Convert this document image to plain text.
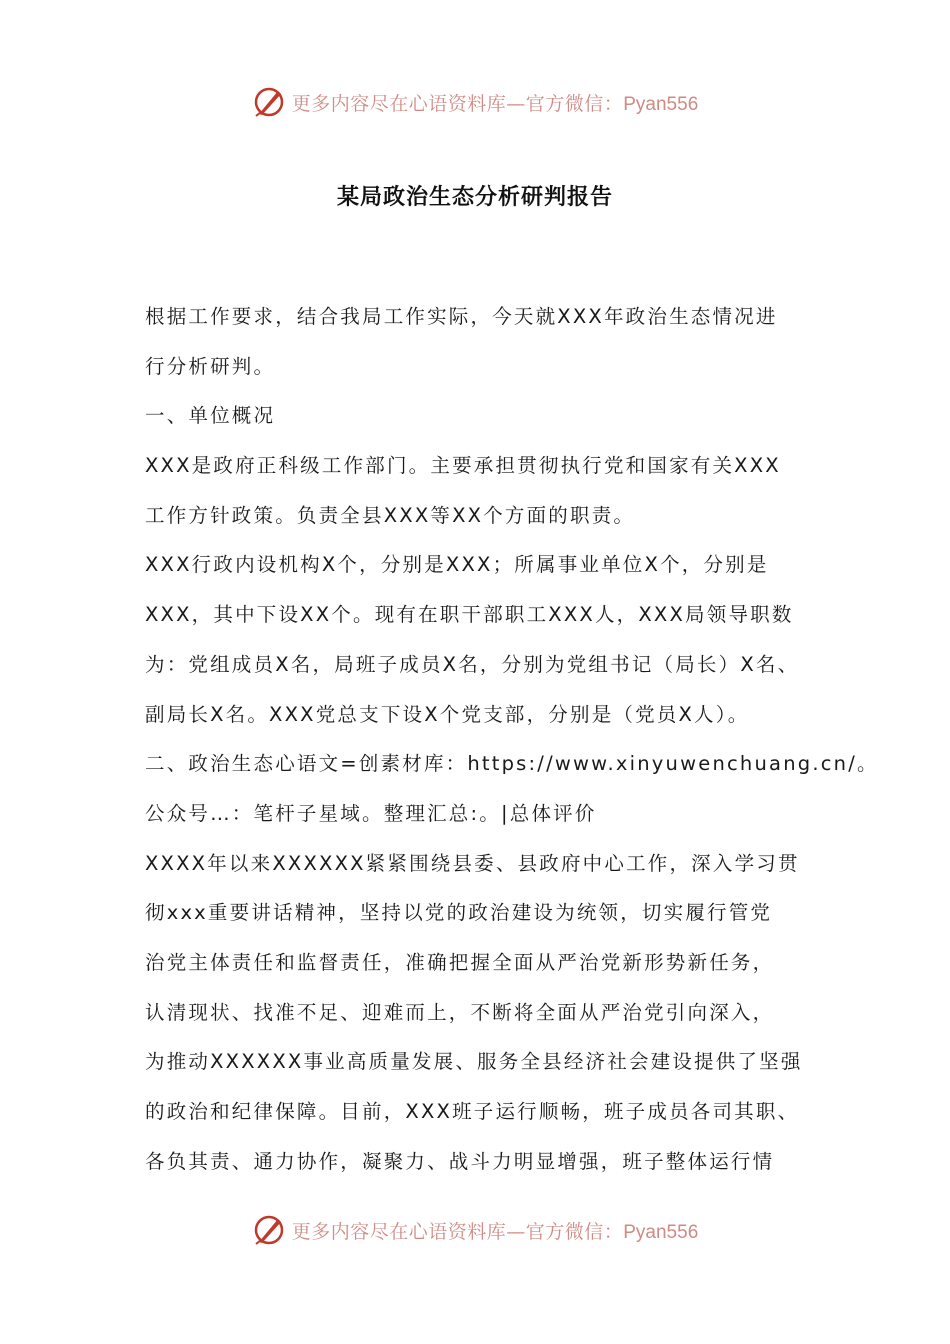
更多内容尽在心语资料库—官方微信：Pyan556
某局政治生态分析研判报告
根据工作要求，结合我局工作实际，今天就XXX年政治生态情况进
行分析研判。
一、单位概况
XXX是政府正科级工作部门。主要承担贯彻执行党和国家有关XXX
工作方针政策。负责全县XXX等XX个方面的职责。
XXX行政内设机构X个，分别是XXX；所属事业单位X个，分别是
XXX，其中下设XX个。现有在职干部职工XXX人，XXX局领导职数
为：党组成员X名，局班子成员X名，分别为党组书记（局长）X名、
副局长X名。XXX党总支下设X个党支部，分别是（党员X人）。
二、政治生态心语文=创素材库：https://www.xinyuwenchuang.cn/。
公众号…：笔杆子星域。整理汇总:。|总体评价
XXXX年以来XXXXXX紧紧围绕县委、县政府中心工作，深入学习贯
彻xxx重要讲话精神，坚持以党的政治建设为统领，切实履行管党
治党主体责任和监督责任，准确把握全面从严治党新形势新任务，
认清现状、找准不足、迎难而上，不断将全面从严治党引向深入，
为推动XXXXXX事业高质量发展、服务全县经济社会建设提供了坚强
的政治和纪律保障。目前，XXX班子运行顺畅，班子成员各司其职、
各负其责、通力协作，凝聚力、战斗力明显增强，班子整体运行情
更多内容尽在心语资料库—官方微信：Pyan556
